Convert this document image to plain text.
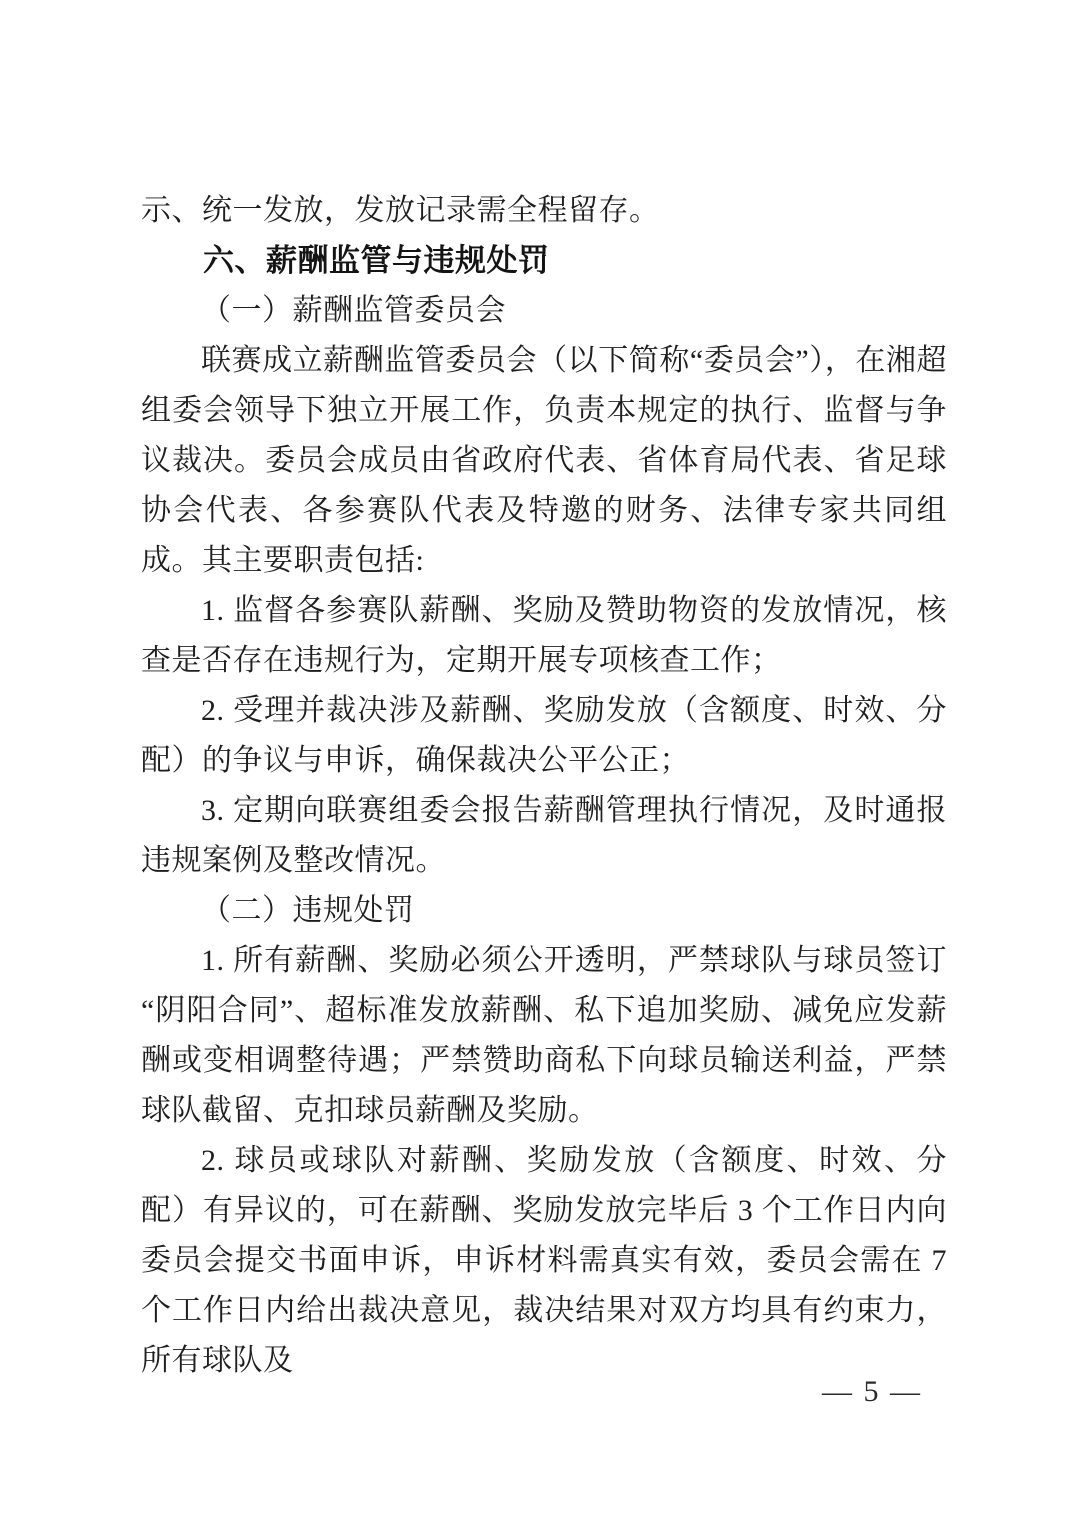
示、统一发放，发放记录需全程留存。

六、薪酬监管与违规处罚

（一）薪酬监管委员会

联赛成立薪酬监管委员会（以下简称“委员会”），在湘超组委会领导下独立开展工作，负责本规定的执行、监督与争议裁决。委员会成员由省政府代表、省体育局代表、省足球协会代表、各参赛队代表及特邀的财务、法律专家共同组成。其主要职责包括:

1. 监督各参赛队薪酬、奖励及赞助物资的发放情况，核查是否存在违规行为，定期开展专项核查工作；

2. 受理并裁决涉及薪酬、奖励发放（含额度、时效、分配）的争议与申诉，确保裁决公平公正；

3. 定期向联赛组委会报告薪酬管理执行情况，及时通报违规案例及整改情况。

（二）违规处罚

1. 所有薪酬、奖励必须公开透明，严禁球队与球员签订“阴阳合同”、超标准发放薪酬、私下追加奖励、减免应发薪酬或变相调整待遇；严禁赞助商私下向球员输送利益，严禁球队截留、克扣球员薪酬及奖励。

2. 球员或球队对薪酬、奖励发放（含额度、时效、分配）有异议的，可在薪酬、奖励发放完毕后 3 个工作日内向委员会提交书面申诉，申诉材料需真实有效，委员会需在 7 个工作日内给出裁决意见，裁决结果对双方均具有约束力，所有球队及

— 5 —
